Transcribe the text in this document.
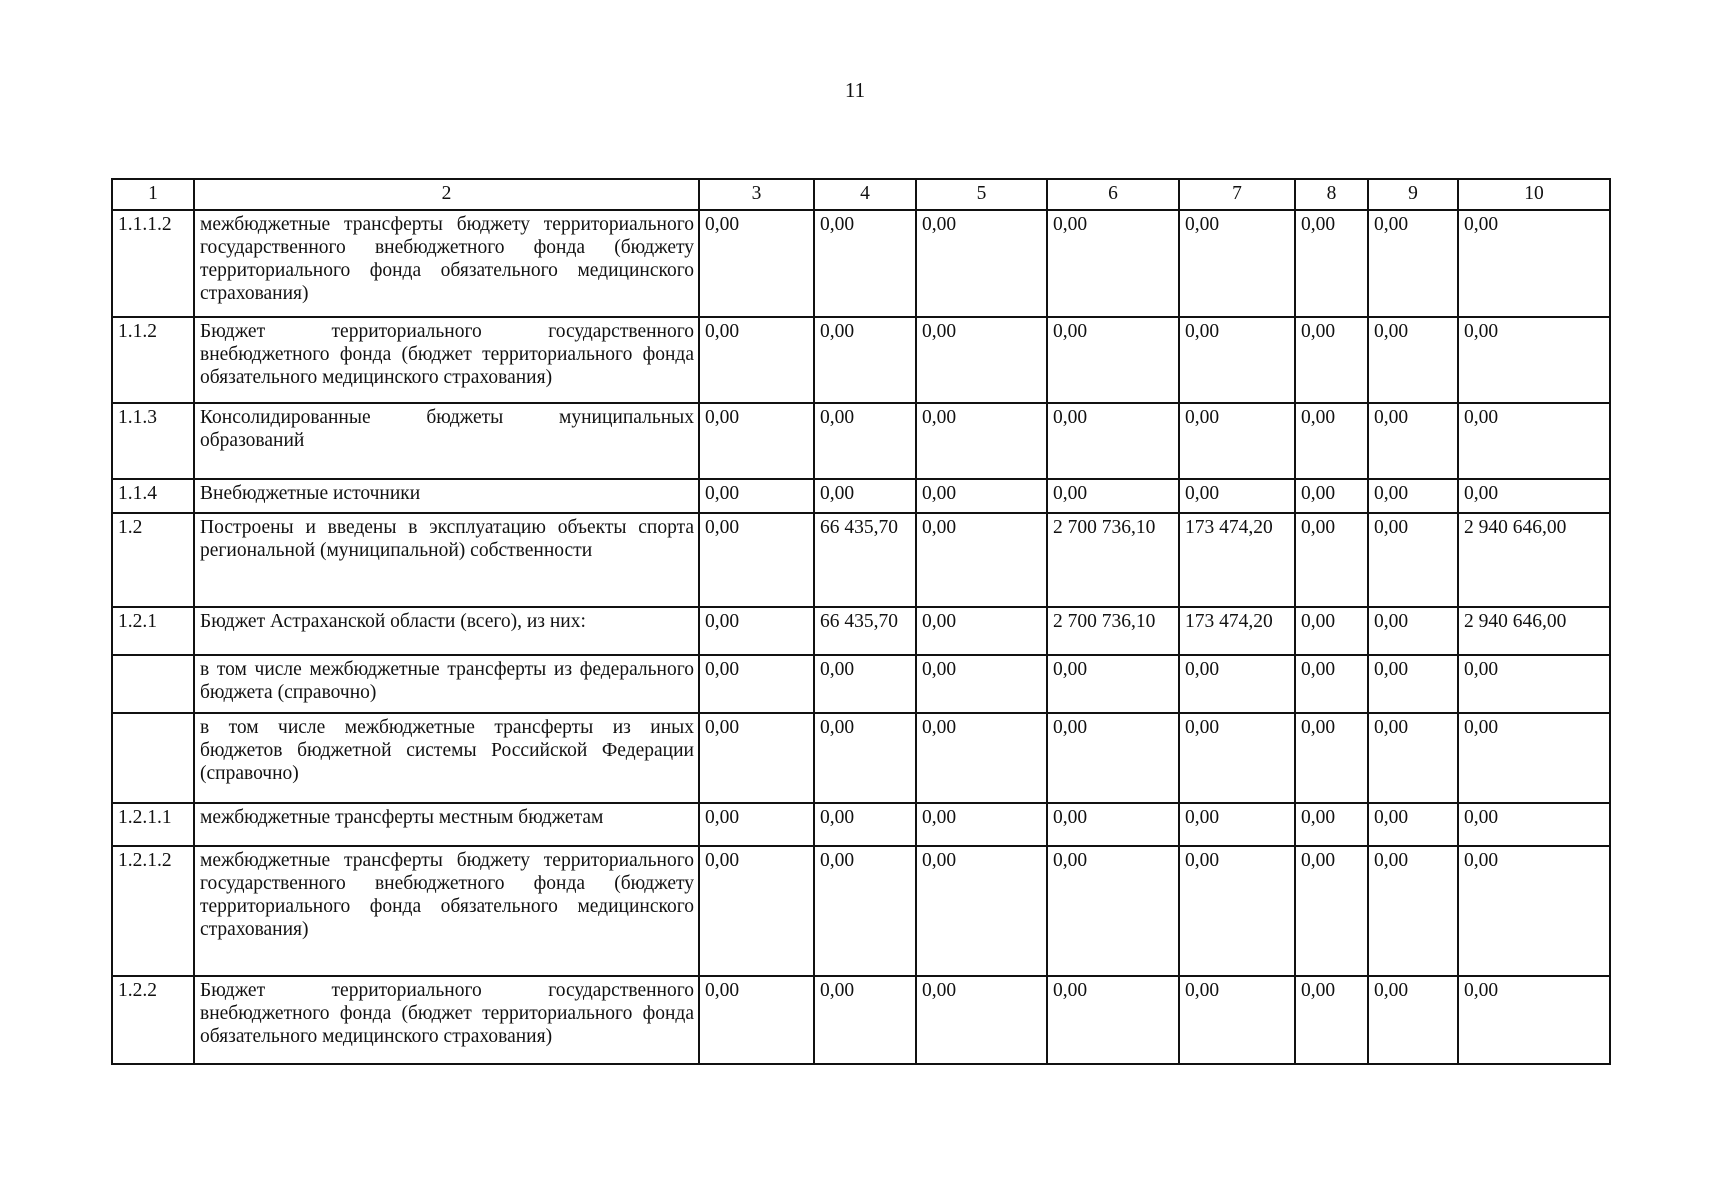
11
1	2	3	4	5	6	7	8	9	10
1.1.1.2	межбюджетные трансферты бюджету территориального государственного внебюджетного фонда (бюджету территориального фонда обязательного медицинского страхования)	0,00	0,00	0,00	0,00	0,00	0,00	0,00	0,00
1.1.2	Бюджет территориального государственного внебюджетного фонда (бюджет территориального фонда обязательного медицинского страхования)	0,00	0,00	0,00	0,00	0,00	0,00	0,00	0,00
1.1.3	Консолидированные бюджеты муниципальных образований	0,00	0,00	0,00	0,00	0,00	0,00	0,00	0,00
1.1.4	Внебюджетные источники	0,00	0,00	0,00	0,00	0,00	0,00	0,00	0,00
1.2	Построены и введены в эксплуатацию объекты спорта региональной (муниципальной) собственности	0,00	66 435,70	0,00	2 700 736,10	173 474,20	0,00	0,00	2 940 646,00
1.2.1	Бюджет Астраханской области (всего), из них:	0,00	66 435,70	0,00	2 700 736,10	173 474,20	0,00	0,00	2 940 646,00
	в том числе межбюджетные трансферты из федерального бюджета (справочно)	0,00	0,00	0,00	0,00	0,00	0,00	0,00	0,00
	в том числе межбюджетные трансферты из иных бюджетов бюджетной системы Российской Федерации (справочно)	0,00	0,00	0,00	0,00	0,00	0,00	0,00	0,00
1.2.1.1	межбюджетные трансферты местным бюджетам	0,00	0,00	0,00	0,00	0,00	0,00	0,00	0,00
1.2.1.2	межбюджетные трансферты бюджету территориального государственного внебюджетного фонда (бюджету территориального фонда обязательного медицинского страхования)	0,00	0,00	0,00	0,00	0,00	0,00	0,00	0,00
1.2.2	Бюджет территориального государственного внебюджетного фонда (бюджет территориального фонда обязательного медицинского страхования)	0,00	0,00	0,00	0,00	0,00	0,00	0,00	0,00
